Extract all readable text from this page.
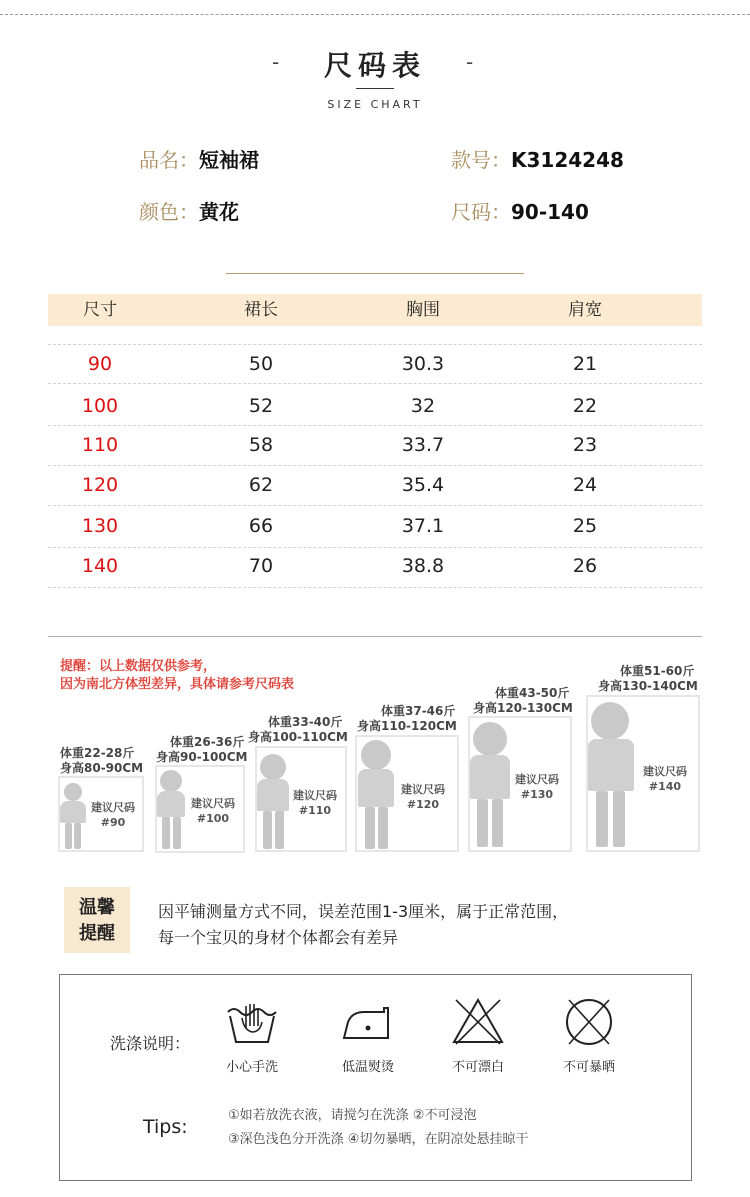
-	尺码表	-
SIZE CHART
品名：短袖裙	款号：K3124248
颜色：黄花	尺码：90-140
尺寸	裙长	胸围	肩宽
90	50	30.3	21
100	52	32	22
110	58	33.7	23
120	62	35.4	24
130	66	37.1	25
140	70	38.8	26
提醒：以上数据仅供参考，
因为南北方体型差异，具体请参考尺码表
体重22-28斤
身高80-90CM
建议尺码
#90
体重26-36斤
身高90-100CM
建议尺码
#100
体重33-40斤
身高100-110CM
建议尺码
#110
体重37-46斤
身高110-120CM
建议尺码
#120
体重43-50斤
身高120-130CM
建议尺码
#130
体重51-60斤
身高130-140CM
建议尺码
#140
温馨
提醒
因平铺测量方式不同，误差范围1-3厘米，属于正常范围，
每一个宝贝的身材个体都会有差异
洗涤说明：
小心手洗	低温熨烫	不可漂白	不可暴晒
Tips:
①如若放洗衣液，请搅匀在洗涤 ②不可浸泡
③深色浅色分开洗涤 ④切勿暴晒，在阴凉处悬挂晾干
